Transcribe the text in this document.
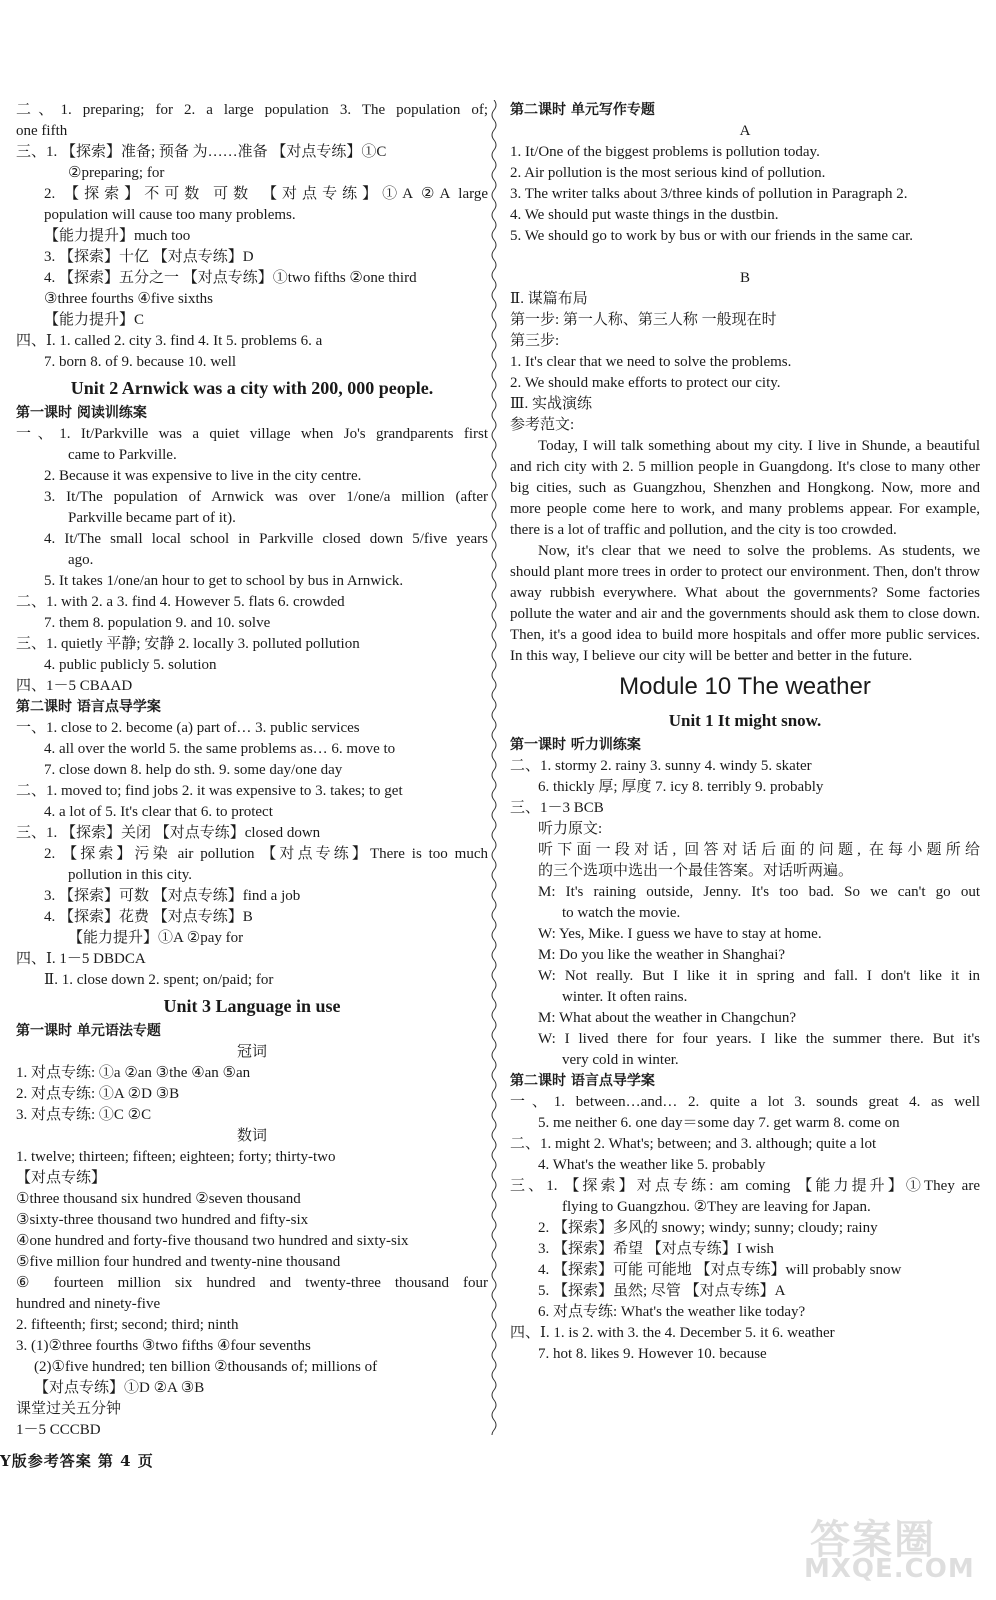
二、1. preparing; for 2. a large population 3. The population of;
one fifth
三、1. 【探索】准备; 预备 为……准备 【对点专练】①C
②preparing; for
2. 【探索】不可数 可数 【对点专练】①A ②A large
population will cause too many problems.
【能力提升】much too
3. 【探索】十亿 【对点专练】D
4. 【探索】五分之一 【对点专练】①two fifths ②one third
③three fourths ④five sixths
【能力提升】C
四、Ⅰ. 1. called 2. city 3. find 4. It 5. problems 6. a
7. born 8. of 9. because 10. well
Unit 2 Arnwick was a city with 200, 000 people.
第一课时 阅读训练案
一、1. It/Parkville was a quiet village when Jo's grandparents first
came to Parkville.
2. Because it was expensive to live in the city centre.
3. It/The population of Arnwick was over 1/one/a million (after
Parkville became part of it).
4. It/The small local school in Parkville closed down 5/five years
ago.
5. It takes 1/one/an hour to get to school by bus in Arnwick.
二、1. with 2. a 3. find 4. However 5. flats 6. crowded
7. them 8. population 9. and 10. solve
三、1. quietly 平静; 安静 2. locally 3. polluted pollution
4. public publicly 5. solution
四、1－5 CBAAD
第二课时 语言点导学案
一、1. close to 2. become (a) part of… 3. public services
4. all over the world 5. the same problems as… 6. move to
7. close down 8. help do sth. 9. some day/one day
二、1. moved to; find jobs 2. it was expensive to 3. takes; to get
4. a lot of 5. It's clear that 6. to protect
三、1. 【探索】关闭 【对点专练】closed down
2. 【探索】污染 air pollution 【对点专练】There is too much
pollution in this city.
3. 【探索】可数 【对点专练】find a job
4. 【探索】花费 【对点专练】B
【能力提升】①A ②pay for
四、Ⅰ. 1－5 DBDCA
Ⅱ. 1. close down 2. spent; on/paid; for
Unit 3 Language in use
第一课时 单元语法专题
冠词
1. 对点专练: ①a ②an ③the ④an ⑤an
2. 对点专练: ①A ②D ③B
3. 对点专练: ①C ②C
数词
1. twelve; thirteen; fifteen; eighteen; forty; thirty-two
【对点专练】
①three thousand six hundred ②seven thousand
③sixty-three thousand two hundred and fifty-six
④one hundred and forty-five thousand two hundred and sixty-six
⑤five million four hundred and twenty-nine thousand
⑥ fourteen million six hundred and twenty-three thousand four
hundred and ninety-five
2. fifteenth; first; second; third; ninth
3. (1)②three fourths ③two fifths ④four sevenths
(2)①five hundred; ten billion ②thousands of; millions of
【对点专练】①D ②A ③B
课堂过关五分钟
1－5 CCCBD
第二课时 单元写作专题
A
1. It/One of the biggest problems is pollution today.
2. Air pollution is the most serious kind of pollution.
3. The writer talks about 3/three kinds of pollution in Paragraph 2.
4. We should put waste things in the dustbin.
5. We should go to work by bus or with our friends in the same car.
B
Ⅱ. 谋篇布局
第一步: 第一人称、第三人称 一般现在时
第三步:
1. It's clear that we need to solve the problems.
2. We should make efforts to protect our city.
Ⅲ. 实战演练
参考范文:
Today, I will talk something about my city. I live in Shunde, a beautiful and rich city with 2. 5 million people in Guangdong. It's close to many other big cities, such as Guangzhou, Shenzhen and Hongkong. Now, more and more people come here to work, and many problems appear. For example, there is a lot of traffic and pollution, and the city is too crowded.
Now, it's clear that we need to solve the problems. As students, we should plant more trees in order to protect our environment. Then, don't throw away rubbish everywhere. What about the governments? Some factories pollute the water and air and the governments should ask them to close down. Then, it's a good idea to build more hospitals and offer more public services. In this way, I believe our city will be better and better in the future.
Module 10 The weather
Unit 1 It might snow.
第一课时 听力训练案
二、1. stormy 2. rainy 3. sunny 4. windy 5. skater
6. thickly 厚; 厚度 7. icy 8. terribly 9. probably
三、1－3 BCB
听力原文:
听下面一段对话, 回答对话后面的问题, 在每小题所给
的三个选项中选出一个最佳答案。对话听两遍。
M: It's raining outside, Jenny. It's too bad. So we can't go out
to watch the movie.
W: Yes, Mike. I guess we have to stay at home.
M: Do you like the weather in Shanghai?
W: Not really. But I like it in spring and fall. I don't like it in
winter. It often rains.
M: What about the weather in Changchun?
W: I lived there for four years. I like the summer there. But it's
very cold in winter.
第二课时 语言点导学案
一、1. between…and… 2. quite a lot 3. sounds great 4. as well
5. me neither 6. one day＝some day 7. get warm 8. come on
二、1. might 2. What's; between; and 3. although; quite a lot
4. What's the weather like 5. probably
三、1. 【探索】对点专练: am coming 【能力提升】①They are
flying to Guangzhou. ②They are leaving for Japan.
2. 【探索】多风的 snowy; windy; sunny; cloudy; rainy
3. 【探索】希望 【对点专练】I wish
4. 【探索】可能 可能地 【对点专练】will probably snow
5. 【探索】虽然; 尽管 【对点专练】A
6. 对点专练: What's the weather like today?
四、Ⅰ. 1. is 2. with 3. the 4. December 5. it 6. weather
7. hot 8. likes 9. However 10. because
Y版参考答案 第 4 页
答案圈
MXQE.COM
